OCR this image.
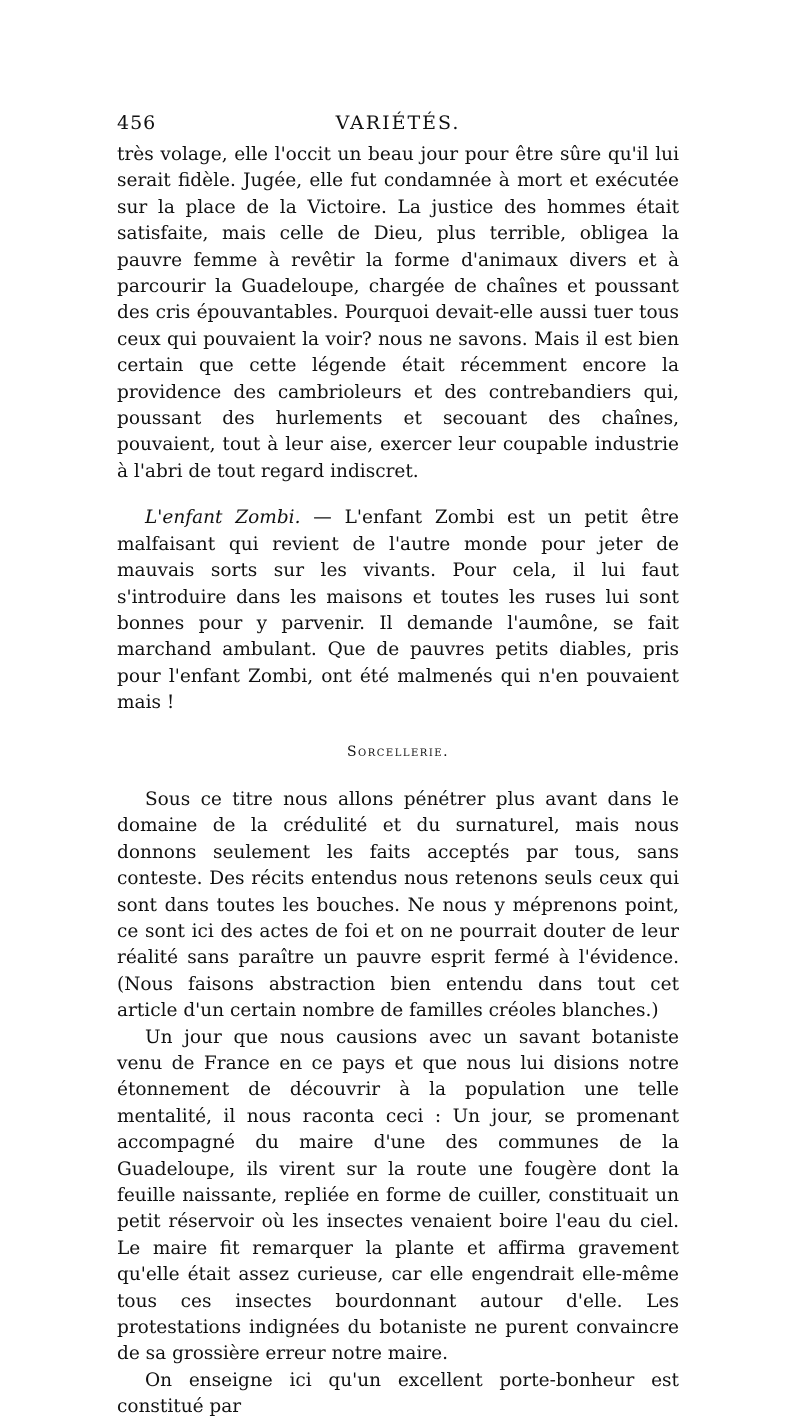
456	VARIÉTÉS.

très volage, elle l'occit un beau jour pour être sûre qu'il lui serait fidèle. Jugée, elle fut condamnée à mort et exécutée sur la place de la Victoire. La justice des hommes était satisfaite, mais celle de Dieu, plus terrible, obligea la pauvre femme à revêtir la forme d'animaux divers et à parcourir la Guadeloupe, chargée de chaînes et poussant des cris épouvantables. Pourquoi devait-elle aussi tuer tous ceux qui pouvaient la voir? nous ne savons. Mais il est bien certain que cette légende était récemment encore la providence des cambrioleurs et des contrebandiers qui, poussant des hurlements et secouant des chaînes, pouvaient, tout à leur aise, exercer leur coupable industrie à l'abri de tout regard indiscret.

L'enfant Zombi. — L'enfant Zombi est un petit être malfaisant qui revient de l'autre monde pour jeter de mauvais sorts sur les vivants. Pour cela, il lui faut s'introduire dans les maisons et toutes les ruses lui sont bonnes pour y parvenir. Il demande l'aumône, se fait marchand ambulant. Que de pauvres petits diables, pris pour l'enfant Zombi, ont été malmenés qui n'en pouvaient mais !

Sorcellerie.

Sous ce titre nous allons pénétrer plus avant dans le domaine de la crédulité et du surnaturel, mais nous donnons seulement les faits acceptés par tous, sans conteste. Des récits entendus nous retenons seuls ceux qui sont dans toutes les bouches. Ne nous y méprenons point, ce sont ici des actes de foi et on ne pourrait douter de leur réalité sans paraître un pauvre esprit fermé à l'évidence. (Nous faisons abstraction bien entendu dans tout cet article d'un certain nombre de familles créoles blanches.)

Un jour que nous causions avec un savant botaniste venu de France en ce pays et que nous lui disions notre étonnement de découvrir à la population une telle mentalité, il nous raconta ceci : Un jour, se promenant accompagné du maire d'une des communes de la Guadeloupe, ils virent sur la route une fougère dont la feuille naissante, repliée en forme de cuiller, constituait un petit réservoir où les insectes venaient boire l'eau du ciel. Le maire fit remarquer la plante et affirma gravement qu'elle était assez curieuse, car elle engendrait elle-même tous ces insectes bourdonnant autour d'elle. Les protestations indignées du botaniste ne purent convaincre de sa grossière erreur notre maire.

On enseigne ici qu'un excellent porte-bonheur est constitué par
